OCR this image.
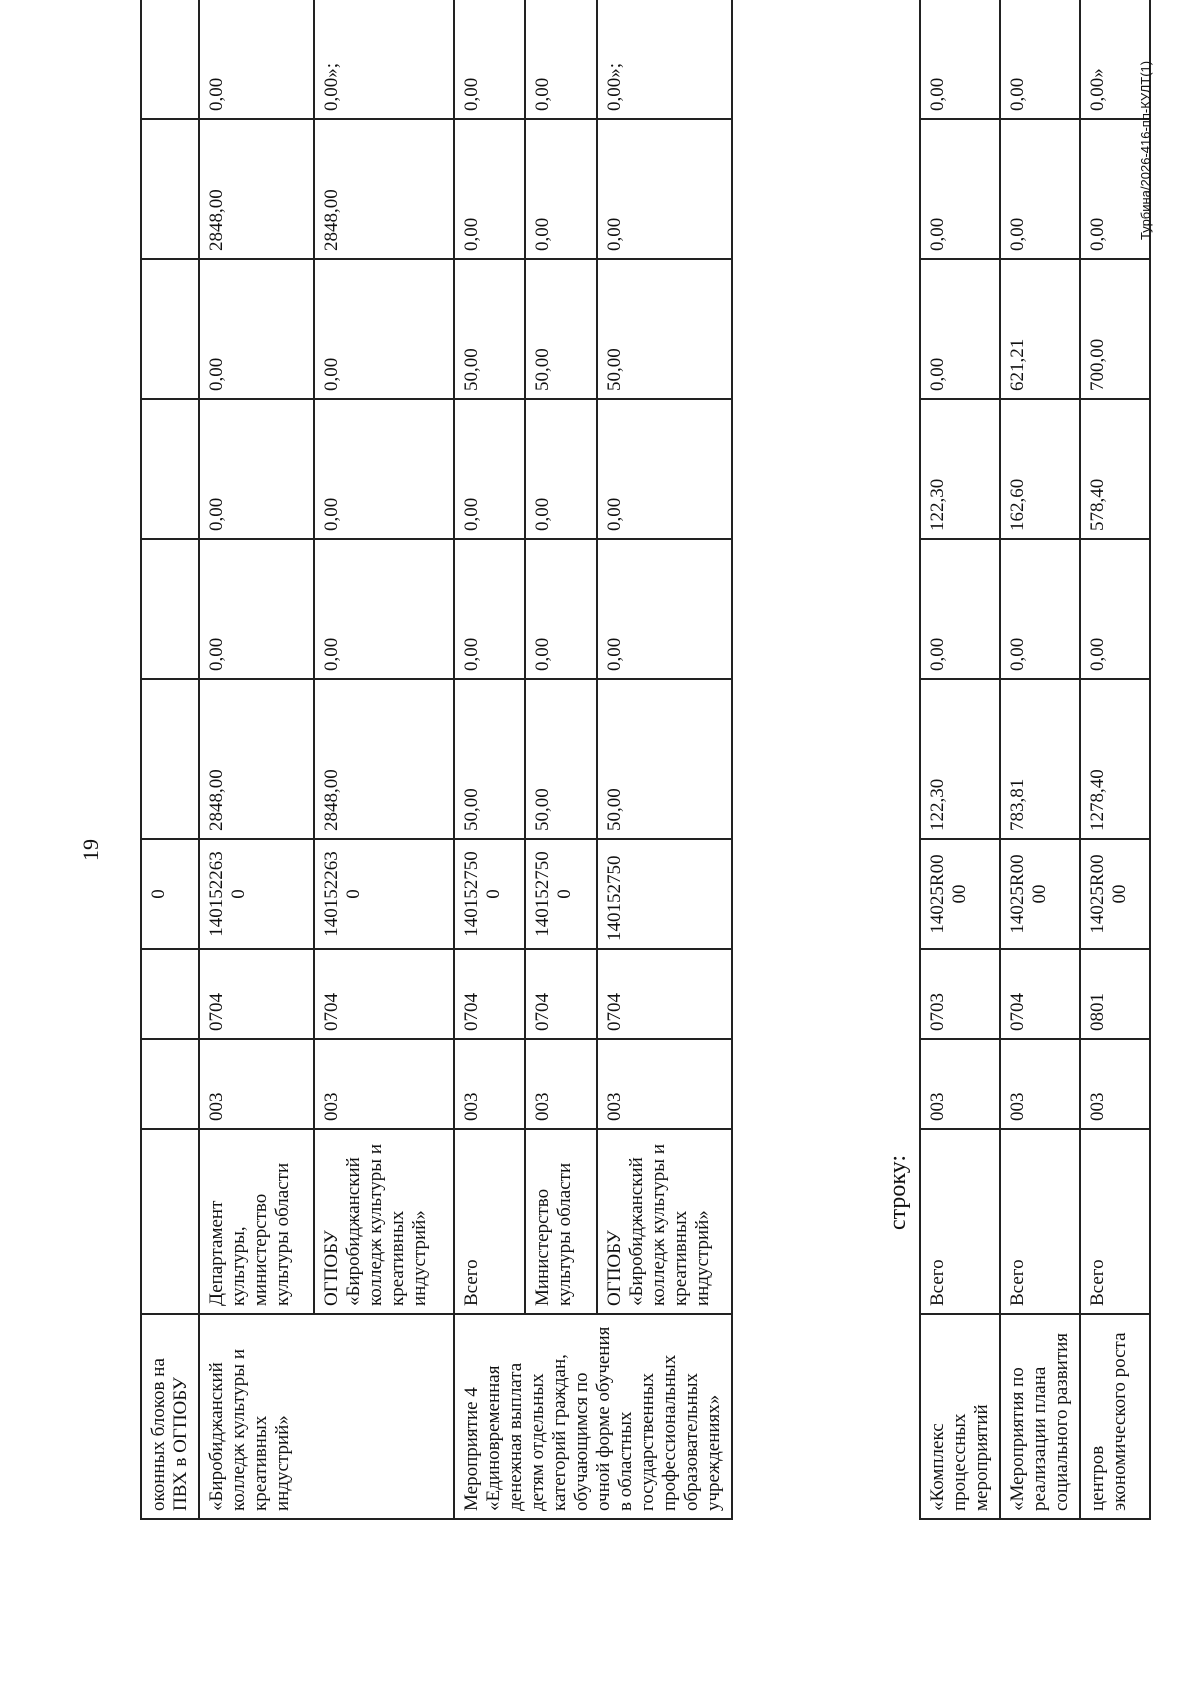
19
оконных блоков на ПВХ в ОГПОБУ				0						
«Биробиджанский колледж культуры и креативных индустрий»	Департамент культуры, министерство культуры области	003	0704	140152263 0	2848,00	0,00	0,00	0,00	2848,00	0,00
	ОГПОБУ «Биробиджанский колледж культуры и креативных индустрий»	003	0704	140152263 0	2848,00	0,00	0,00	0,00	2848,00	0,00»;
Мероприятие 4 «Единовременная денежная выплата детям отдельных категорий граждан, обучающимся по очной форме обучения в областных государственных профессиональных образовательных учреждениях»	Всего	003	0704	140152750 0	50,00	0,00	0,00	50,00	0,00	0,00
	Министерство культуры области	003	0704	140152750 0	50,00	0,00	0,00	50,00	0,00	0,00
	ОГПОБУ «Биробиджанский колледж культуры и креативных индустрий»	003	0704	140152750	50,00	0,00	0,00	50,00	0,00	0,00»;
строку:
«Комплекс процессных мероприятий	Всего	003	0703	14025R00 00	122,30	0,00	122,30	0,00	0,00	0,00
«Мероприятия по реализации плана социального развития	Всего	003	0704	14025R00 00	783,81	0,00	162,60	621,21	0,00	0,00
центров экономического роста	Всего	003	0801	14025R00 00	1278,40	0,00	578,40	700,00	0,00	0,00» Турбина/2026-416-пп-КУЛТ(1)
